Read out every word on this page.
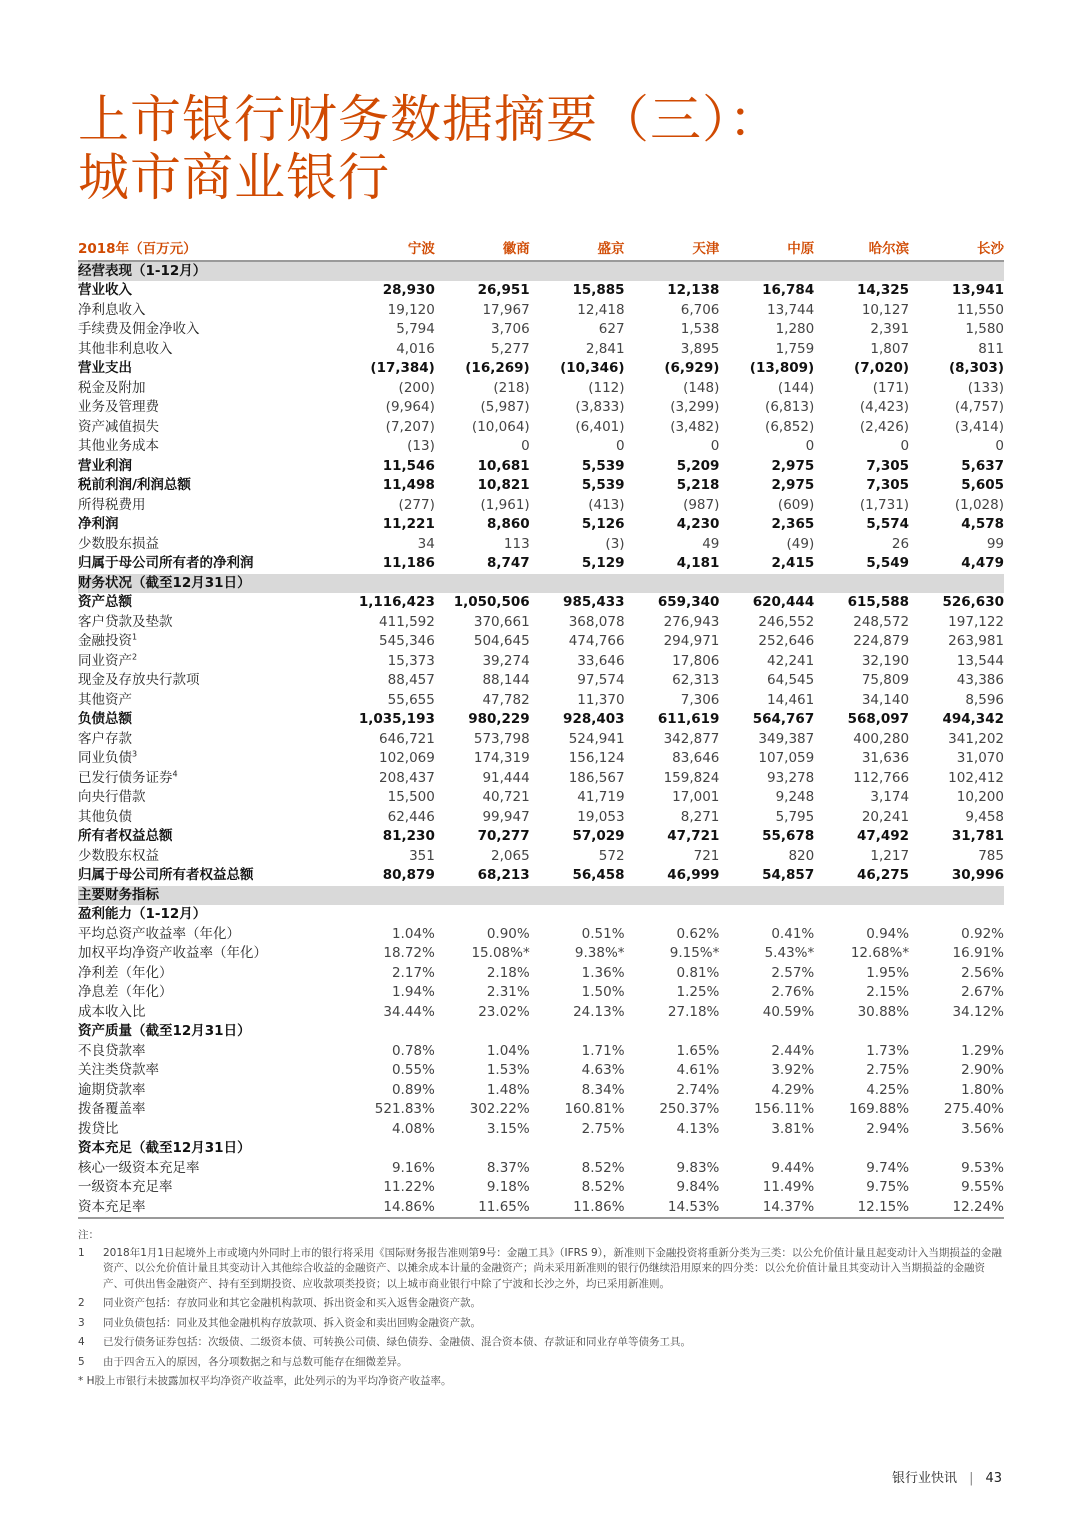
上市银行财务数据摘要（三）：
城市商业银行
2018年（百万元）	宁波	徽商	盛京	天津	中原	哈尔滨	长沙
经营表现（1-12月）							
营业收入	28,930	26,951	15,885	12,138	16,784	14,325	13,941
净利息收入	19,120	17,967	12,418	6,706	13,744	10,127	11,550
手续费及佣金净收入	5,794	3,706	627	1,538	1,280	2,391	1,580
其他非利息收入	4,016	5,277	2,841	3,895	1,759	1,807	811
营业支出	(17,384)	(16,269)	(10,346)	(6,929)	(13,809)	(7,020)	(8,303)
税金及附加	(200)	(218)	(112)	(148)	(144)	(171)	(133)
业务及管理费	(9,964)	(5,987)	(3,833)	(3,299)	(6,813)	(4,423)	(4,757)
资产减值损失	(7,207)	(10,064)	(6,401)	(3,482)	(6,852)	(2,426)	(3,414)
其他业务成本	(13)	0	0	0	0	0	0
营业利润	11,546	10,681	5,539	5,209	2,975	7,305	5,637
税前利润/利润总额	11,498	10,821	5,539	5,218	2,975	7,305	5,605
所得税费用	(277)	(1,961)	(413)	(987)	(609)	(1,731)	(1,028)
净利润	11,221	8,860	5,126	4,230	2,365	5,574	4,578
少数股东损益	34	113	(3)	49	(49)	26	99
归属于母公司所有者的净利润	11,186	8,747	5,129	4,181	2,415	5,549	4,479
财务状况（截至12月31日）							
资产总额	1,116,423	1,050,506	985,433	659,340	620,444	615,588	526,630
客户贷款及垫款	411,592	370,661	368,078	276,943	246,552	248,572	197,122
金融投资$^1$	545,346	504,645	474,766	294,971	252,646	224,879	263,981
同业资产$^2$	15,373	39,274	33,646	17,806	42,241	32,190	13,544
现金及存放央行款项	88,457	88,144	97,574	62,313	64,545	75,809	43,386
其他资产	55,655	47,782	11,370	7,306	14,461	34,140	8,596
负债总额	1,035,193	980,229	928,403	611,619	564,767	568,097	494,342
客户存款	646,721	573,798	524,941	342,877	349,387	400,280	341,202
同业负债$^3$	102,069	174,319	156,124	83,646	107,059	31,636	31,070
已发行债务证券$^4$	208,437	91,444	186,567	159,824	93,278	112,766	102,412
向央行借款	15,500	40,721	41,719	17,001	9,248	3,174	10,200
其他负债	62,446	99,947	19,053	8,271	5,795	20,241	9,458
所有者权益总额	81,230	70,277	57,029	47,721	55,678	47,492	31,781
少数股东权益	351	2,065	572	721	820	1,217	785
归属于母公司所有者权益总额	80,879	68,213	56,458	46,999	54,857	46,275	30,996
主要财务指标							
盈利能力（1-12月）							
平均总资产收益率（年化）	1.04%	0.90%	0.51%	0.62%	0.41%	0.94%	0.92%
加权平均净资产收益率（年化）	18.72%	15.08%*	9.38%*	9.15%*	5.43%*	12.68%*	16.91%
净利差（年化）	2.17%	2.18%	1.36%	0.81%	2.57%	1.95%	2.56%
净息差（年化）	1.94%	2.31%	1.50%	1.25%	2.76%	2.15%	2.67%
成本收入比	34.44%	23.02%	24.13%	27.18%	40.59%	30.88%	34.12%
资产质量（截至12月31日）							
不良贷款率	0.78%	1.04%	1.71%	1.65%	2.44%	1.73%	1.29%
关注类贷款率	0.55%	1.53%	4.63%	4.61%	3.92%	2.75%	2.90%
逾期贷款率	0.89%	1.48%	8.34%	2.74%	4.29%	4.25%	1.80%
拨备覆盖率	521.83%	302.22%	160.81%	250.37%	156.11%	169.88%	275.40%
拨贷比	4.08%	3.15%	2.75%	4.13%	3.81%	2.94%	3.56%
资本充足（截至12月31日）							
核心一级资本充足率	9.16%	8.37%	8.52%	9.83%	9.44%	9.74%	9.53%
一级资本充足率	11.22%	9.18%	8.52%	9.84%	11.49%	9.75%	9.55%
资本充足率	14.86%	11.65%	11.86%	14.53%	14.37%	12.15%	12.24%
注：
1	2018年1月1日起境外上市或境内外同时上市的银行将采用《国际财务报告准则第9号：金融工具》（IFRS 9），新准则下金融投资将重新分类为三类：以公允价值计量且起变动计入当期损益的金融资产、以公允价值计量且其变动计入其他综合收益的金融资产、以摊余成本计量的金融资产；尚未采用新准则的银行仍继续沿用原来的四分类：以公允价值计量且其变动计入当期损益的金融资产、可供出售金融资产、持有至到期投资、应收款项类投资；以上城市商业银行中除了宁波和长沙之外，均已采用新准则。
2	同业资产包括：存放同业和其它金融机构款项、拆出资金和买入返售金融资产款。
3	同业负债包括：同业及其他金融机构存放款项、拆入资金和卖出回购金融资产款。
4	已发行债务证券包括：次级债、二级资本债、可转换公司债、绿色债券、金融债、混合资本债、存款证和同业存单等债务工具。
5	由于四舍五入的原因，各分项数据之和与总数可能存在细微差异。
* H股上市银行未披露加权平均净资产收益率，此处列示的为平均净资产收益率。
银行业快讯 | 43
